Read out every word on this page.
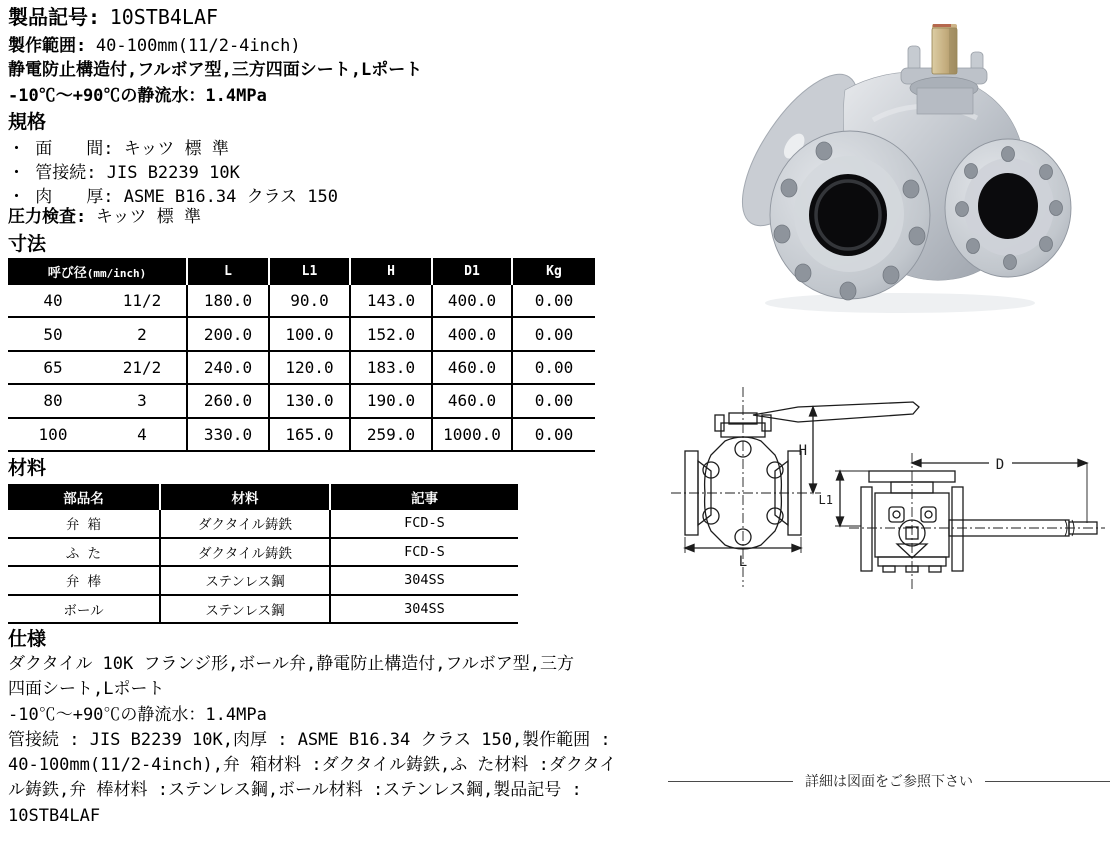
製品記号: 10STB4LAF
製作範囲: 40-100mm(11/2-4inch)
静電防止構造付,フルボア型,三方四面シート,Lポート
-10℃～+90℃の静流水：1.4MPa
規格
・ 面　　間: キッツ 標 準
・ 管接続: JIS B2239 10K
・ 肉　　厚: ASME B16.34 クラス 150
圧力検査: キッツ 標 準
寸法
呼び径(mm/inch)		L	L1	H	D1	Kg
40	11/2	180.0	90.0	143.0	400.0	0.00
50	2	200.0	100.0	152.0	400.0	0.00
65	21/2	240.0	120.0	183.0	460.0	0.00
80	3	260.0	130.0	190.0	460.0	0.00
100	4	330.0	165.0	259.0	1000.0	0.00
材料
部品名	材料	記事
弁 箱	ダクタイル鋳鉄	FCD-S
ふ た	ダクタイル鋳鉄	FCD-S
弁 棒	ステンレス鋼	304SS
ボール	ステンレス鋼	304SS
仕様
ダクタイル 10K フランジ形,ボール弁,静電防止構造付,フルボア型,三方
四面シート,Lポート
-10℃～+90℃の静流水：1.4MPa
管接続 : JIS B2239 10K,肉厚 : ASME B16.34 クラス 150,製作範囲 :
40-100mm(11/2-4inch),弁 箱材料 :ダクタイル鋳鉄,ふ た材料 :ダクタイ
ル鋳鉄,弁 棒材料 :ステンレス鋼,ボール材料 :ステンレス鋼,製品記号 :
10STB4LAF
H
L
D
L1
詳細は図面をご参照下さい
